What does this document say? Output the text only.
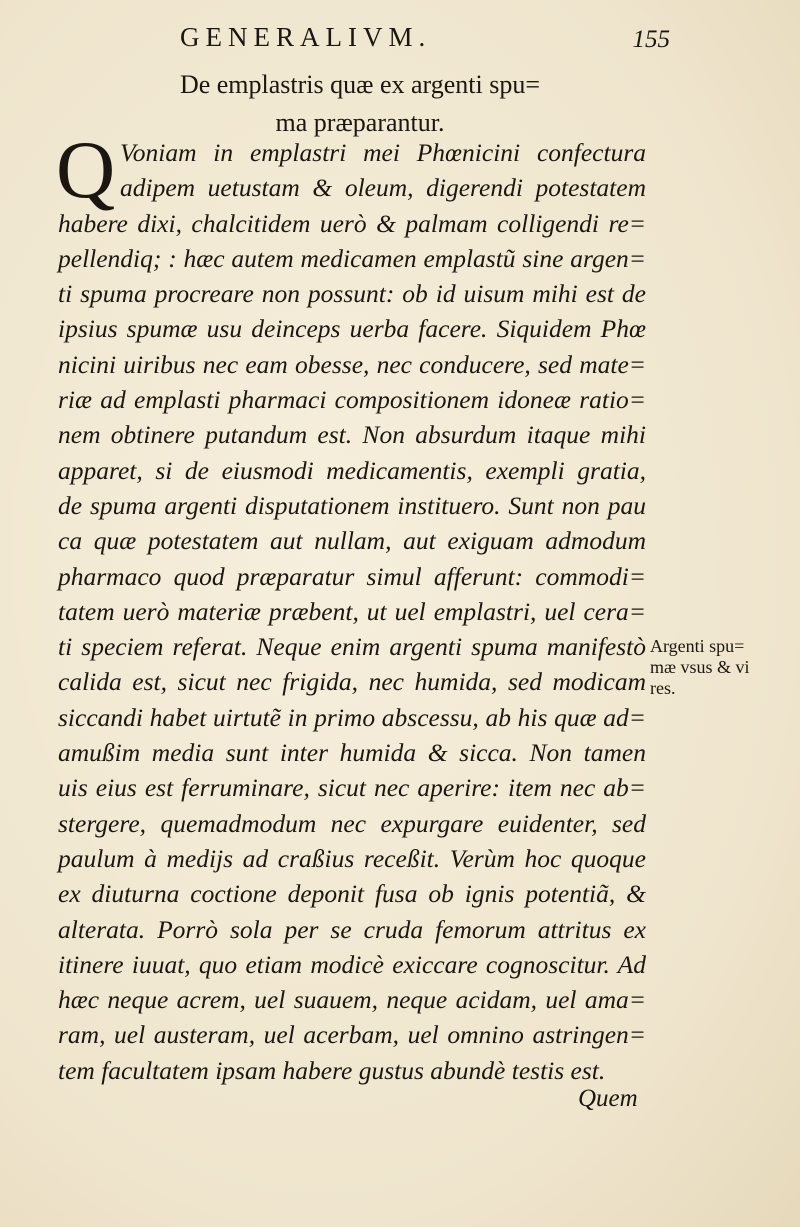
GENERALIVM.	155
De emplastris quæ ex argenti spu=
ma præparantur.
Q Voniam in emplastri mei Phœnicini confectura
adipem uetustam & oleum, digerendi potestatem
habere dixi, chalcitidem uerò & palmam colligendi re=
pellendiq; : hæc autem medicamen emplastũ sine argen=
ti spuma procreare non possunt: ob id uisum mihi est de
ipsius spumæ usu deinceps uerba facere. Siquidem Phœ
nicini uiribus nec eam obesse, nec conducere, sed mate=
riæ ad emplasti pharmaci compositionem idoneæ ratio=
nem obtinere putandum est. Non absurdum itaque mihi
apparet, si de eiusmodi medicamentis, exempli gratia,
de spuma argenti disputationem instituero. Sunt non pau
ca quæ potestatem aut nullam, aut exiguam admodum
pharmaco quod præparatur simul afferunt: commodi=
tatem uerò materiæ præbent, ut uel emplastri, uel cera=
ti speciem referat. Neque enim argenti spuma manifestò
calida est, sicut nec frigida, nec humida, sed modicam
siccandi habet uirtutẽ in primo abscessu, ab his quæ ad=
amußim media sunt inter humida & sicca. Non tamen
uis eius est ferruminare, sicut nec aperire: item nec ab=
stergere, quemadmodum nec expurgare euidenter, sed
paulum à medijs ad craßius receßit. Verùm hoc quoque
ex diuturna coctione deponit fusa ob ignis potentiã, &
alterata. Porrò sola per se cruda femorum attritus ex
itinere iuuat, quo etiam modicè exiccare cognoscitur. Ad
hæc neque acrem, uel suauem, neque acidam, uel ama=
ram, uel austeram, uel acerbam, uel omnino astringen=
tem facultatem ipsam habere gustus abundè testis est.
Argenti spu=
mæ vsus & vi
res.
Quem
